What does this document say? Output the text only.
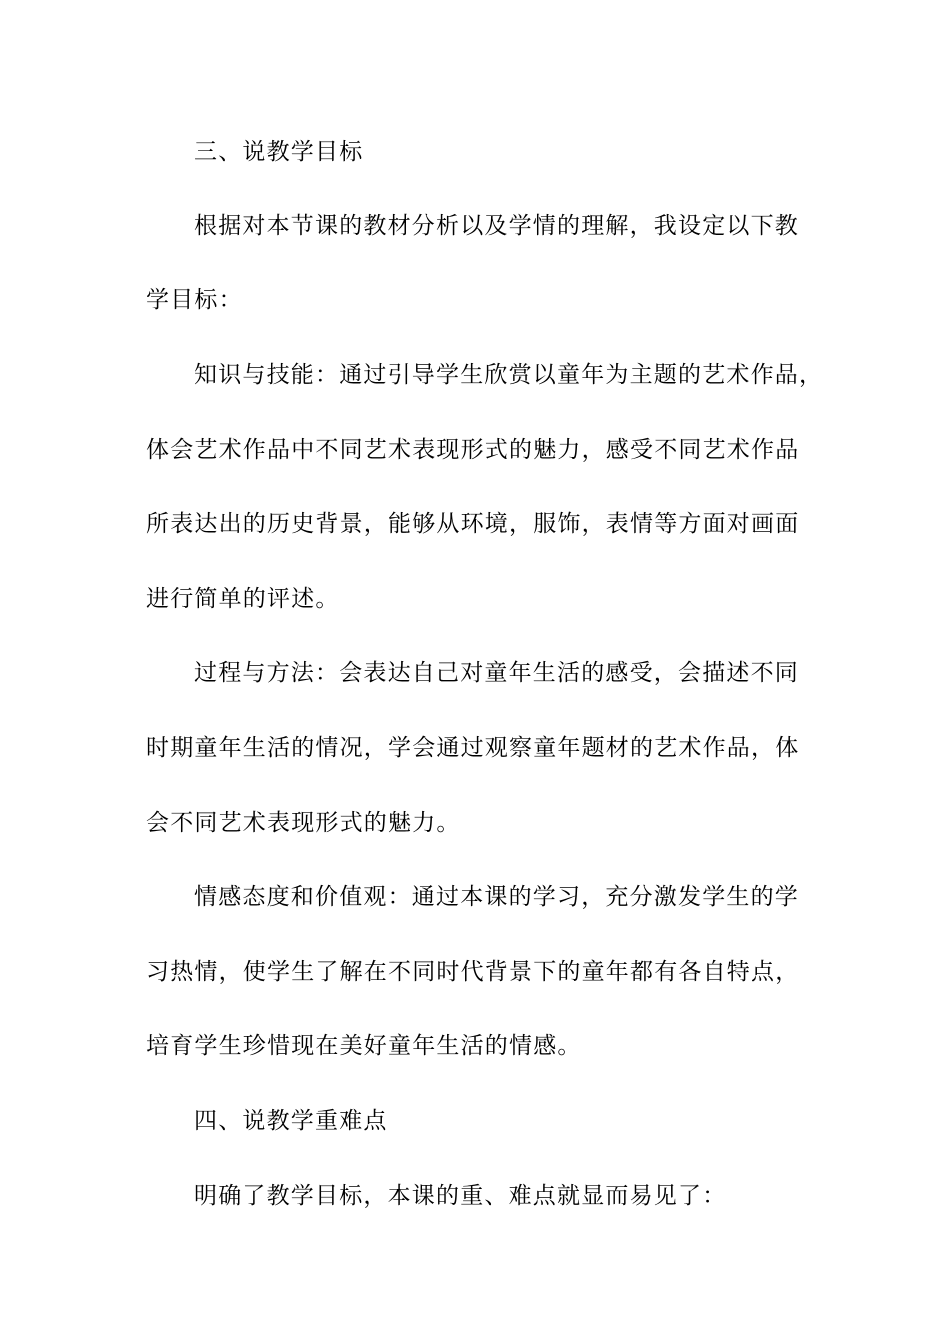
三、说教学目标

根据对本节课的教材分析以及学情的理解，我设定以下教

学目标：

知识与技能：通过引导学生欣赏以童年为主题的艺术作品，

体会艺术作品中不同艺术表现形式的魅力，感受不同艺术作品

所表达出的历史背景，能够从环境，服饰，表情等方面对画面

进行简单的评述。

过程与方法：会表达自己对童年生活的感受，会描述不同

时期童年生活的情况，学会通过观察童年题材的艺术作品，体

会不同艺术表现形式的魅力。

情感态度和价值观：通过本课的学习，充分激发学生的学

习热情，使学生了解在不同时代背景下的童年都有各自特点，

培育学生珍惜现在美好童年生活的情感。

四、说教学重难点

明确了教学目标，本课的重、难点就显而易见了：
